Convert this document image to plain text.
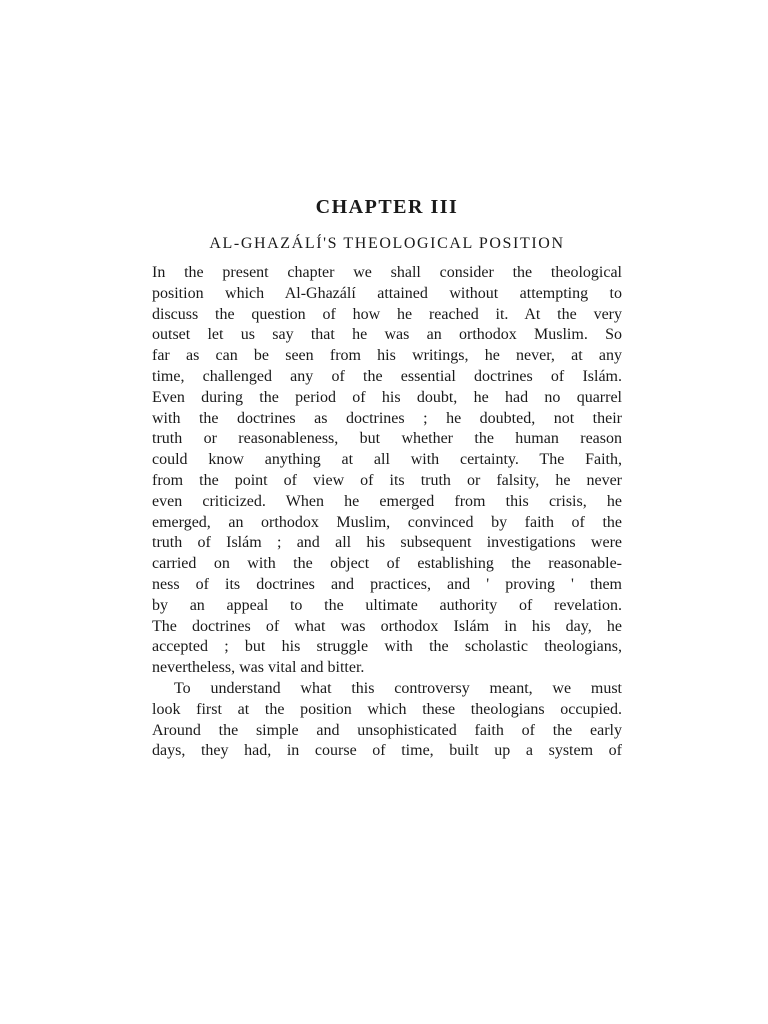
CHAPTER III
AL-GHAZÁLÍ'S THEOLOGICAL POSITION
In the present chapter we shall consider the theological
position which Al-Ghazálí attained without attempting to
discuss the question of how he reached it. At the very
outset let us say that he was an orthodox Muslim. So
far as can be seen from his writings, he never, at any
time, challenged any of the essential doctrines of Islám.
Even during the period of his doubt, he had no quarrel
with the doctrines as doctrines ; he doubted, not their
truth or reasonableness, but whether the human reason
could know anything at all with certainty. The Faith,
from the point of view of its truth or falsity, he never
even criticized. When he emerged from this crisis, he
emerged, an orthodox Muslim, convinced by faith of the
truth of Islám ; and all his subsequent investigations were
carried on with the object of establishing the reasonable-
ness of its doctrines and practices, and ' proving ' them
by an appeal to the ultimate authority of revelation.
The doctrines of what was orthodox Islám in his day, he
accepted ; but his struggle with the scholastic theologians,
nevertheless, was vital and bitter.
To understand what this controversy meant, we must
look first at the position which these theologians occupied.
Around the simple and unsophisticated faith of the early
days, they had, in course of time, built up a system of
